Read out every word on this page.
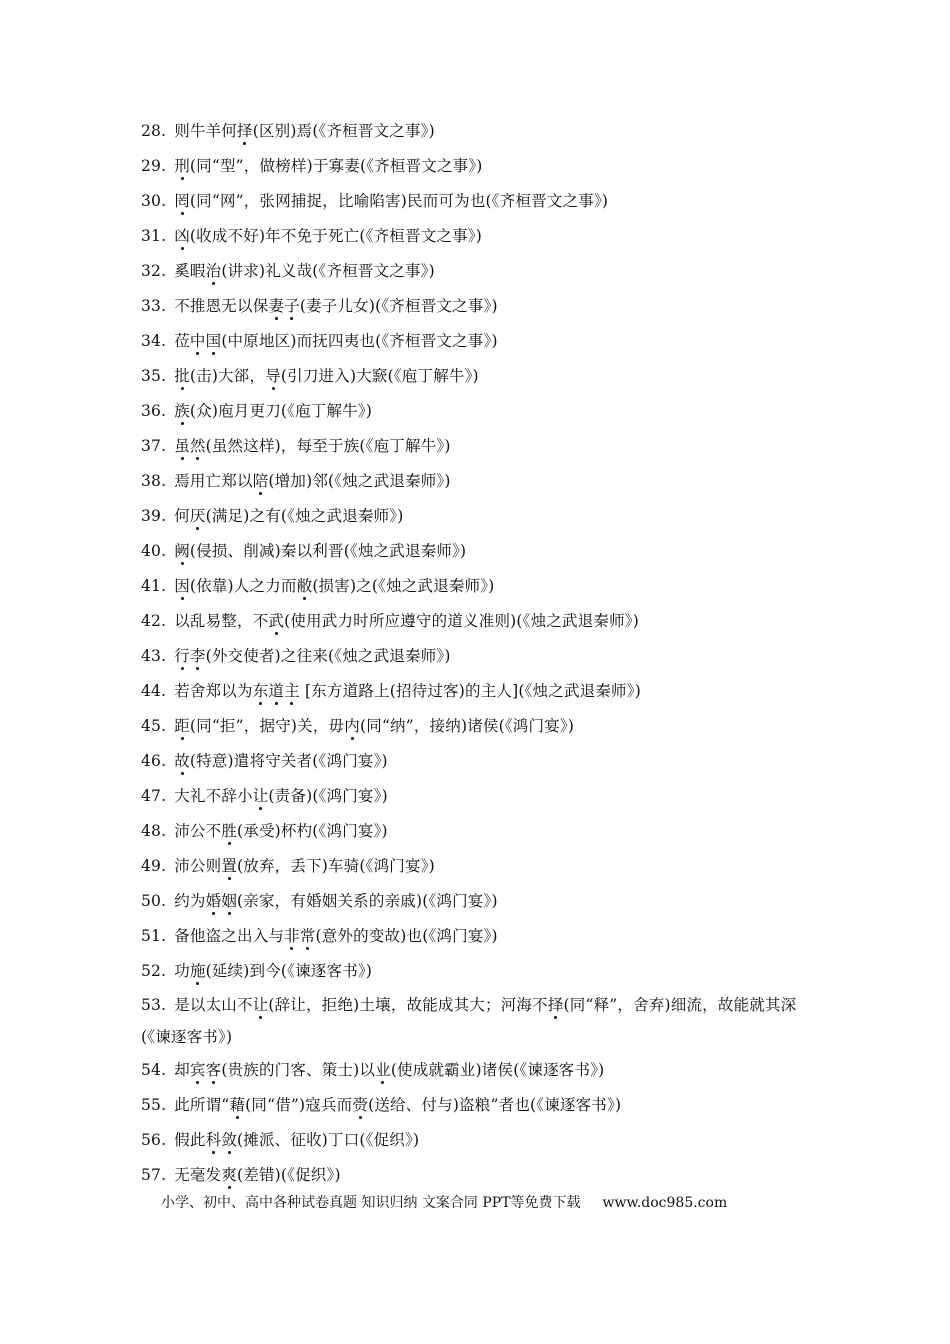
28. 则牛羊何择(区别)焉(《齐桓晋文之事》)
29. 刑(同“型”，做榜样)于寡妻(《齐桓晋文之事》)
30. 罔(同“网”，张网捕捉，比喻陷害)民而可为也(《齐桓晋文之事》)
31. 凶(收成不好)年不免于死亡(《齐桓晋文之事》)
32. 奚暇治(讲求)礼义哉(《齐桓晋文之事》)
33. 不推恩无以保妻子(妻子儿女)(《齐桓晋文之事》)
34. 莅中国(中原地区)而抚四夷也(《齐桓晋文之事》)
35. 批(击)大郤，导(引刀进入)大窾(《庖丁解牛》)
36. 族(众)庖月更刀(《庖丁解牛》)
37. 虽然(虽然这样)，每至于族(《庖丁解牛》)
38. 焉用亡郑以陪(增加)邻(《烛之武退秦师》)
39. 何厌(满足)之有(《烛之武退秦师》)
40. 阙(侵损、削减)秦以利晋(《烛之武退秦师》)
41. 因(依靠)人之力而敝(损害)之(《烛之武退秦师》)
42. 以乱易整，不武(使用武力时所应遵守的道义准则)(《烛之武退秦师》)
43. 行李(外交使者)之往来(《烛之武退秦师》)
44. 若舍郑以为东道主 [东方道路上(招待过客)的主人](《烛之武退秦师》)
45. 距(同“拒”，据守)关，毋内(同“纳”，接纳)诸侯(《鸿门宴》)
46. 故(特意)遣将守关者(《鸿门宴》)
47. 大礼不辞小让(责备)(《鸿门宴》)
48. 沛公不胜(承受)杯杓(《鸿门宴》)
49. 沛公则置(放弃，丢下)车骑(《鸿门宴》)
50. 约为婚姻(亲家，有婚姻关系的亲戚)(《鸿门宴》)
51. 备他盗之出入与非常(意外的变故)也(《鸿门宴》)
52. 功施(延续)到今(《谏逐客书》)
53. 是以太山不让(辞让，拒绝)土壤，故能成其大；河海不择(同“释”，舍弃)细流，故能就其深(《谏逐客书》)
54. 却宾客(贵族的门客、策士)以业(使成就霸业)诸侯(《谏逐客书》)
55. 此所谓“藉(同“借”)寇兵而赍(送给、付与)盗粮”者也(《谏逐客书》)
56. 假此科敛(摊派、征收)丁口(《促织》)
57. 无毫发爽(差错)(《促织》)
小学、初中、高中各种试卷真题 知识归纳 文案合同 PPT等免费下载 www.doc985.com
